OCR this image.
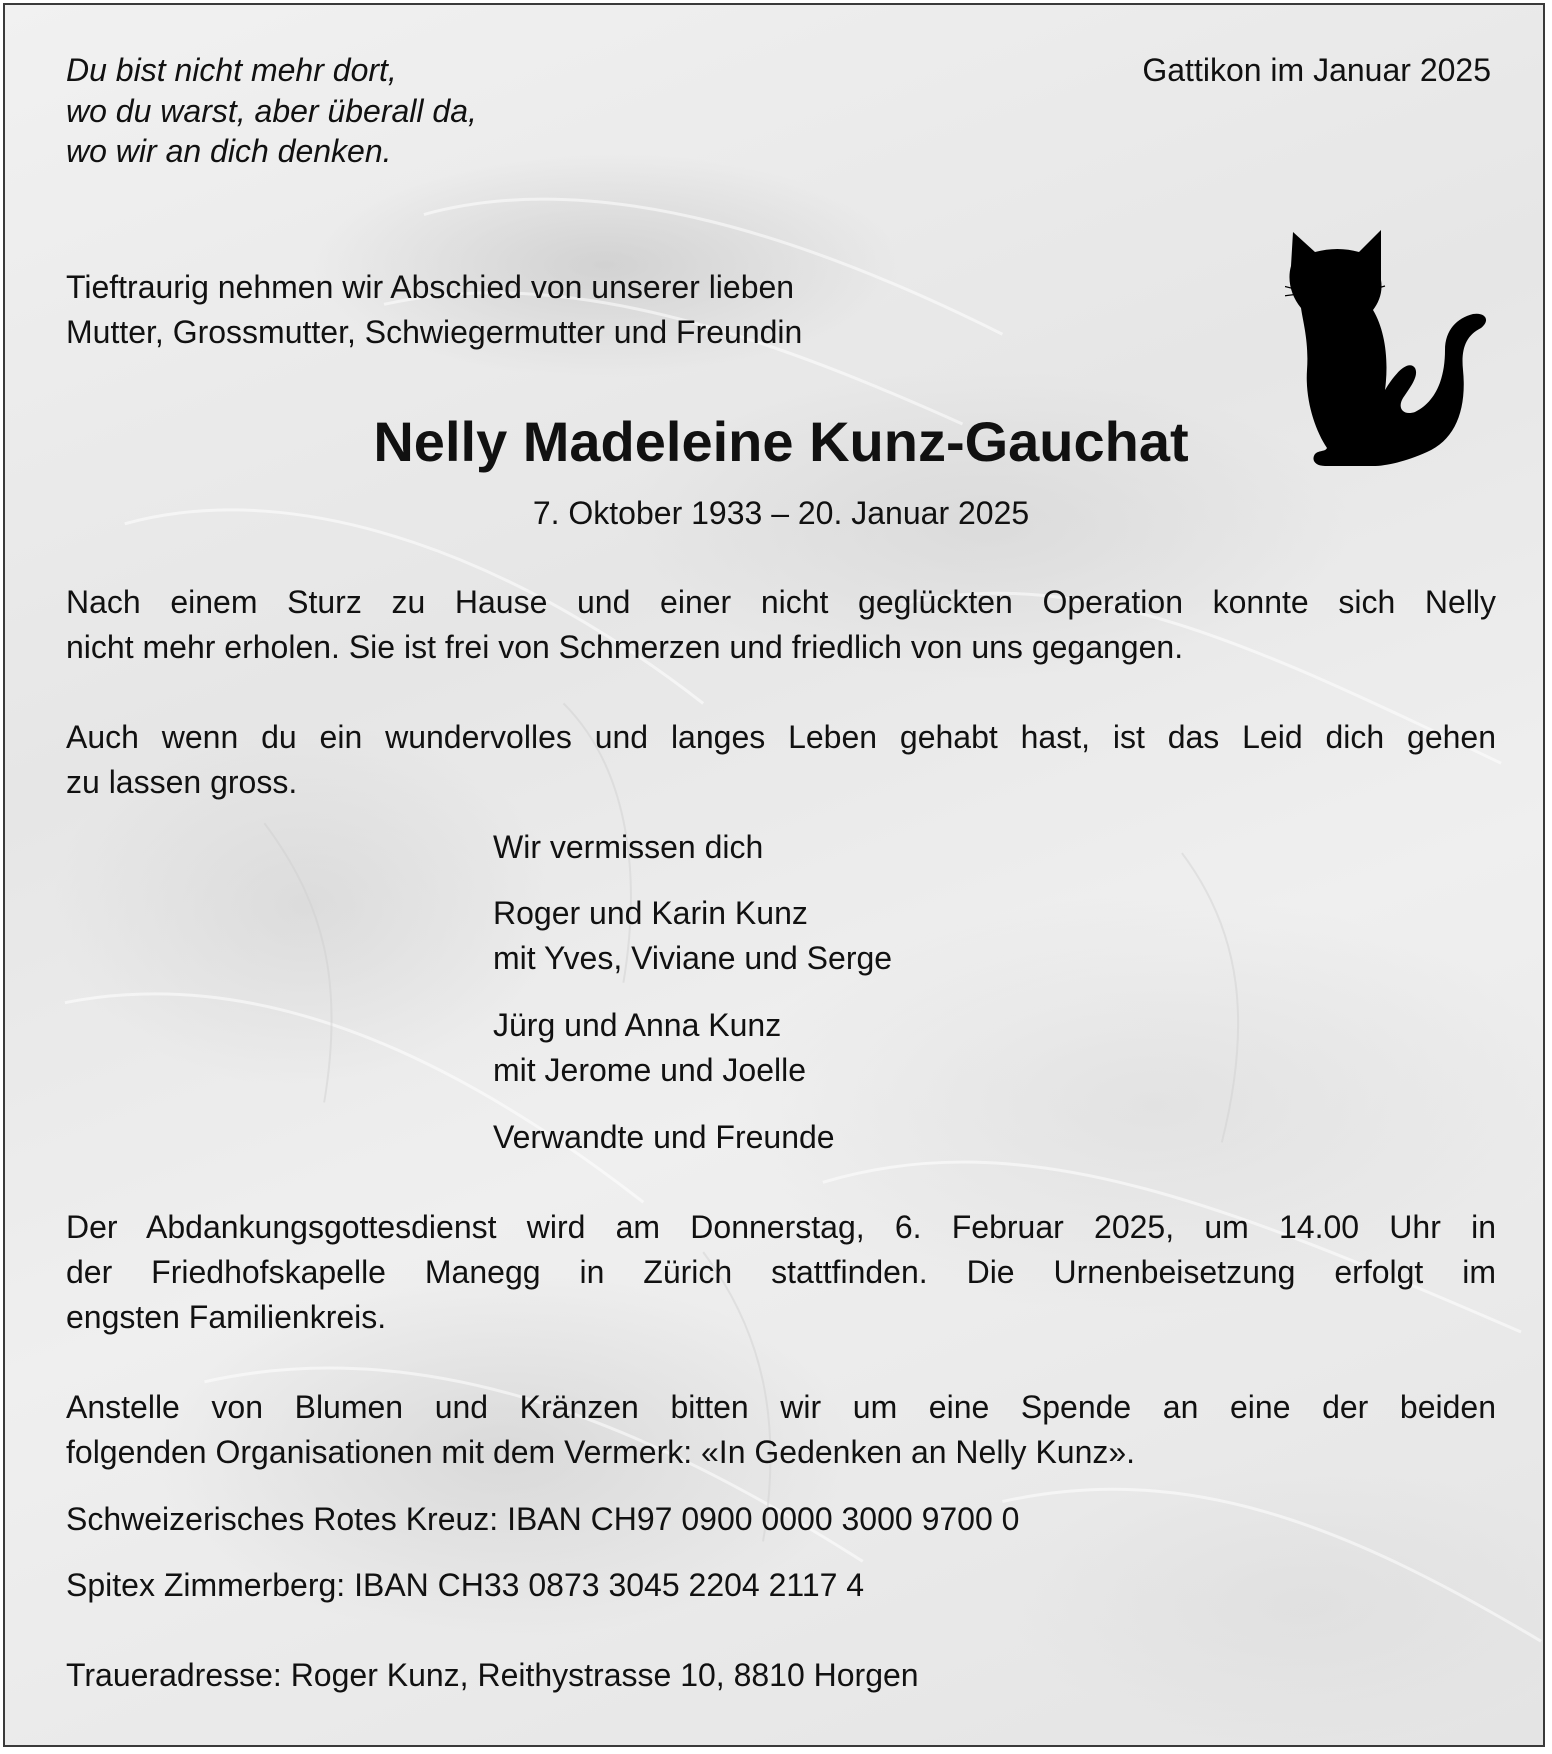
Du bist nicht mehr dort,
wo du warst, aber überall da,
wo wir an dich denken.
Gattikon im Januar 2025
Tieftraurig nehmen wir Abschied von unserer lieben
Mutter, Grossmutter, Schwiegermutter und Freundin
Nelly Madeleine Kunz-Gauchat
7. Oktober 1933 – 20. Januar 2025
Nach einem Sturz zu Hause und einer nicht geglückten Operation konnte sich Nelly
nicht mehr erholen. Sie ist frei von Schmerzen und friedlich von uns gegangen.
Auch wenn du ein wundervolles und langes Leben gehabt hast, ist das Leid dich gehen
zu lassen gross.
Wir vermissen dich
Roger und Karin Kunz
mit Yves, Viviane und Serge
Jürg und Anna Kunz
mit Jerome und Joelle
Verwandte und Freunde
Der Abdankungsgottesdienst wird am Donnerstag, 6. Februar 2025, um 14.00 Uhr in
der Friedhofskapelle Manegg in Zürich stattfinden. Die Urnenbeisetzung erfolgt im
engsten Familienkreis.
Anstelle von Blumen und Kränzen bitten wir um eine Spende an eine der beiden
folgenden Organisationen mit dem Vermerk: «In Gedenken an Nelly Kunz».
Schweizerisches Rotes Kreuz: IBAN CH97 0900 0000 3000 9700 0
Spitex Zimmerberg: IBAN CH33 0873 3045 2204 2117 4
Traueradresse: Roger Kunz, Reithystrasse 10, 8810 Horgen
